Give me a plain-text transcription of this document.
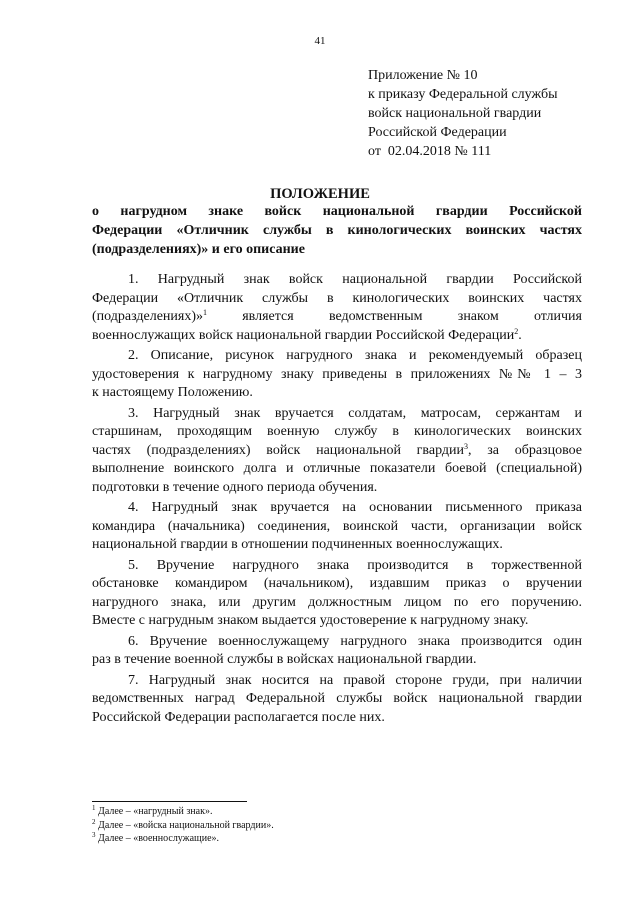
41
Приложение № 10
к приказу Федеральной службы
войск национальной гвардии
Российской Федерации
от  02.04.2018 № 111
ПОЛОЖЕНИЕ
о нагрудном знаке войск национальной гвардии Российской
Федерации «Отличник службы в кинологических воинских частях
(подразделениях)» и его описание
1. Нагрудный знак войск национальной гвардии Российской
Федерации «Отличник службы в кинологических воинских частях
(подразделениях)»$^1$ является ведомственным знаком отличия
военнослужащих войск национальной гвардии Российской Федерации$^2$.
2. Описание, рисунок нагрудного знака и рекомендуемый образец
удостоверения к нагрудному знаку приведены в приложениях №№ 1 – 3
к настоящему Положению.
3. Нагрудный знак вручается солдатам, матросам, сержантам и
старшинам, проходящим военную службу в кинологических воинских
частях (подразделениях) войск национальной гвардии$^3$, за образцовое
выполнение воинского долга и отличные показатели боевой (специальной)
подготовки в течение одного периода обучения.
4. Нагрудный знак вручается на основании письменного приказа
командира (начальника) соединения, воинской части, организации войск
национальной гвардии в отношении подчиненных военнослужащих.
5. Вручение нагрудного знака производится в торжественной
обстановке командиром (начальником), издавшим приказ о вручении
нагрудного знака, или другим должностным лицом по его поручению.
Вместе с нагрудным знаком выдается удостоверение к нагрудному знаку.
6. Вручение военнослужащему нагрудного знака производится один
раз в течение военной службы в войсках национальной гвардии.
7. Нагрудный знак носится на правой стороне груди, при наличии
ведомственных наград Федеральной службы войск национальной гвардии
Российской Федерации располагается после них.
$^1$ Далее – «нагрудный знак».
$^2$ Далее – «войска национальной гвардии».
$^3$ Далее – «военнослужащие».
